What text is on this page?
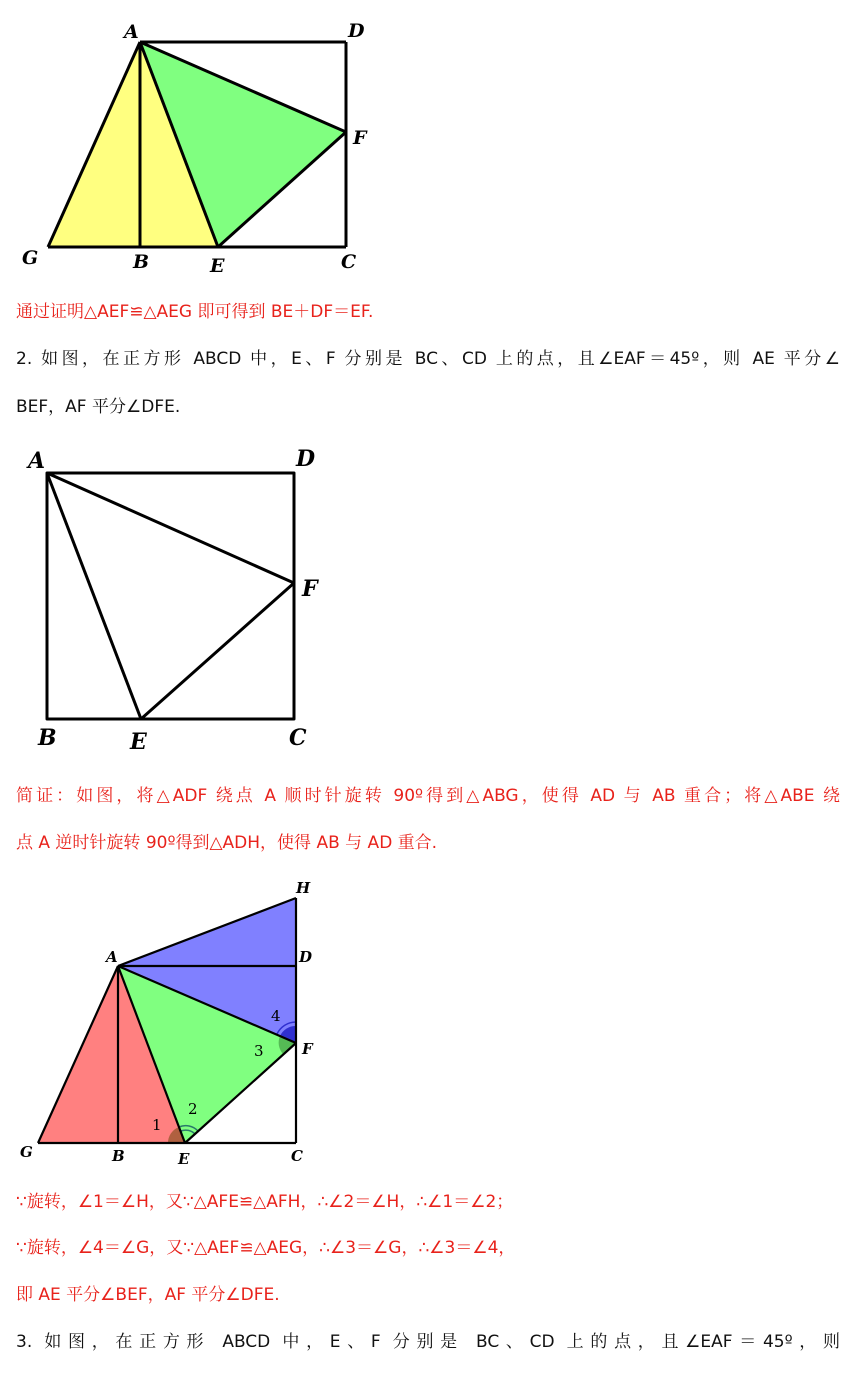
A	D
F
G	B	E	C
通过证明△AEF≌△AEG 即可得到 BE＋DF＝EF.
2. 如图，在正方形 ABCD 中，E、F 分别是 BC、CD 上的点，且∠EAF＝45º，则 AE 平分∠
BEF，AF 平分∠DFE.
A	D
F
B	E	C
简证：如图，将△ADF 绕点 A 顺时针旋转 90º得到△ABG，使得 AD 与 AB 重合；将△ABE 绕
点 A 逆时针旋转 90º得到△ADH，使得 AB 与 AD 重合.
H
A	D
F
G	B	E	C
1
2
3
4
∵旋转，∠1＝∠H，又∵△AFE≌△AFH，∴∠2＝∠H，∴∠1＝∠2；
∵旋转，∠4＝∠G，又∵△AEF≌△AEG，∴∠3＝∠G，∴∠3＝∠4，
即 AE 平分∠BEF，AF 平分∠DFE.
3. 如图，在正方形 ABCD 中，E、F 分别是 BC、CD 上的点，且∠EAF＝45º，则
